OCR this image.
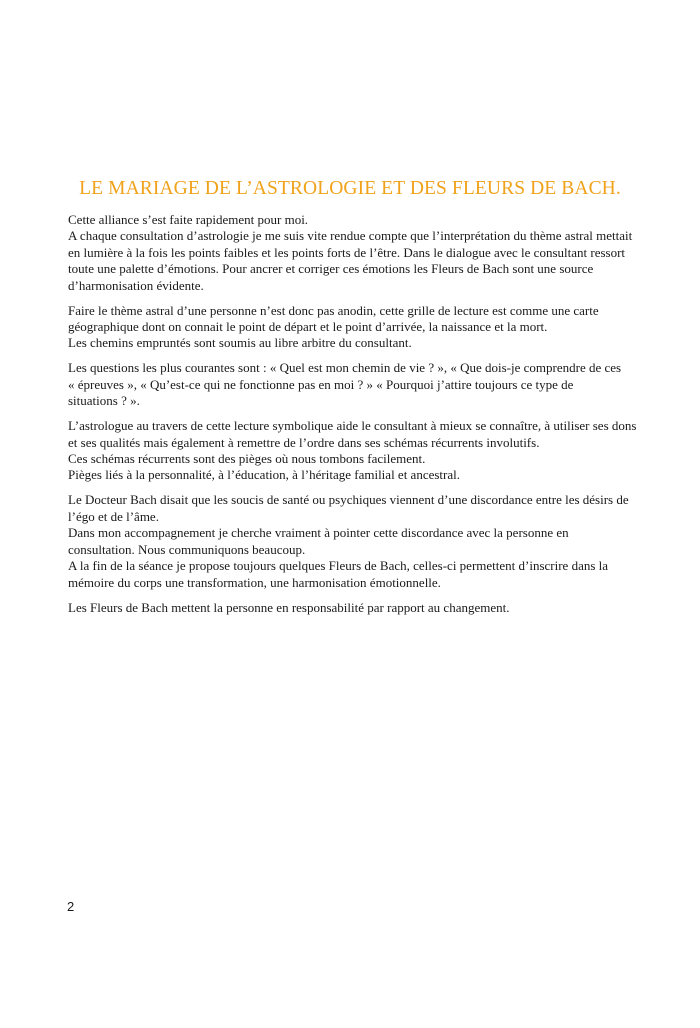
LE MARIAGE DE L’ASTROLOGIE ET DES FLEURS DE BACH.

Cette alliance s’est faite rapidement pour moi.
A chaque consultation d’astrologie je me suis vite rendue compte que l’interprétation du thème astral mettait
en lumière à la fois les points faibles et les points forts de l’être. Dans le dialogue avec le consultant ressort
toute une palette d’émotions. Pour ancrer et corriger ces émotions les Fleurs de Bach sont une source
d’harmonisation évidente.

Faire le thème astral d’une personne n’est donc pas anodin, cette grille de lecture est comme une carte
géographique dont on connait le point de départ et le point d’arrivée, la naissance et la mort.
Les chemins empruntés sont soumis au libre arbitre du consultant.

Les questions les plus courantes sont : « Quel est mon chemin de vie ? », « Que dois-je comprendre de ces
« épreuves », « Qu’est-ce qui ne fonctionne pas en moi ? » « Pourquoi j’attire toujours ce type de
situations ? ».

L’astrologue au travers de cette lecture symbolique aide le consultant à mieux se connaître, à utiliser ses dons
et ses qualités mais également à remettre de l’ordre dans ses schémas récurrents involutifs.
Ces schémas récurrents sont des pièges où nous tombons facilement.
Pièges liés à la personnalité, à l’éducation, à l’héritage familial et ancestral.

Le Docteur Bach disait que les soucis de santé ou psychiques viennent d’une discordance entre les désirs de
l’égo et de l’âme.
Dans mon accompagnement je cherche vraiment à pointer cette discordance avec la personne en
consultation. Nous communiquons beaucoup.
A la fin de la séance je propose toujours quelques Fleurs de Bach, celles-ci permettent d’inscrire dans la
mémoire du corps une transformation, une harmonisation émotionnelle.

Les Fleurs de Bach mettent la personne en responsabilité par rapport au changement.

2
